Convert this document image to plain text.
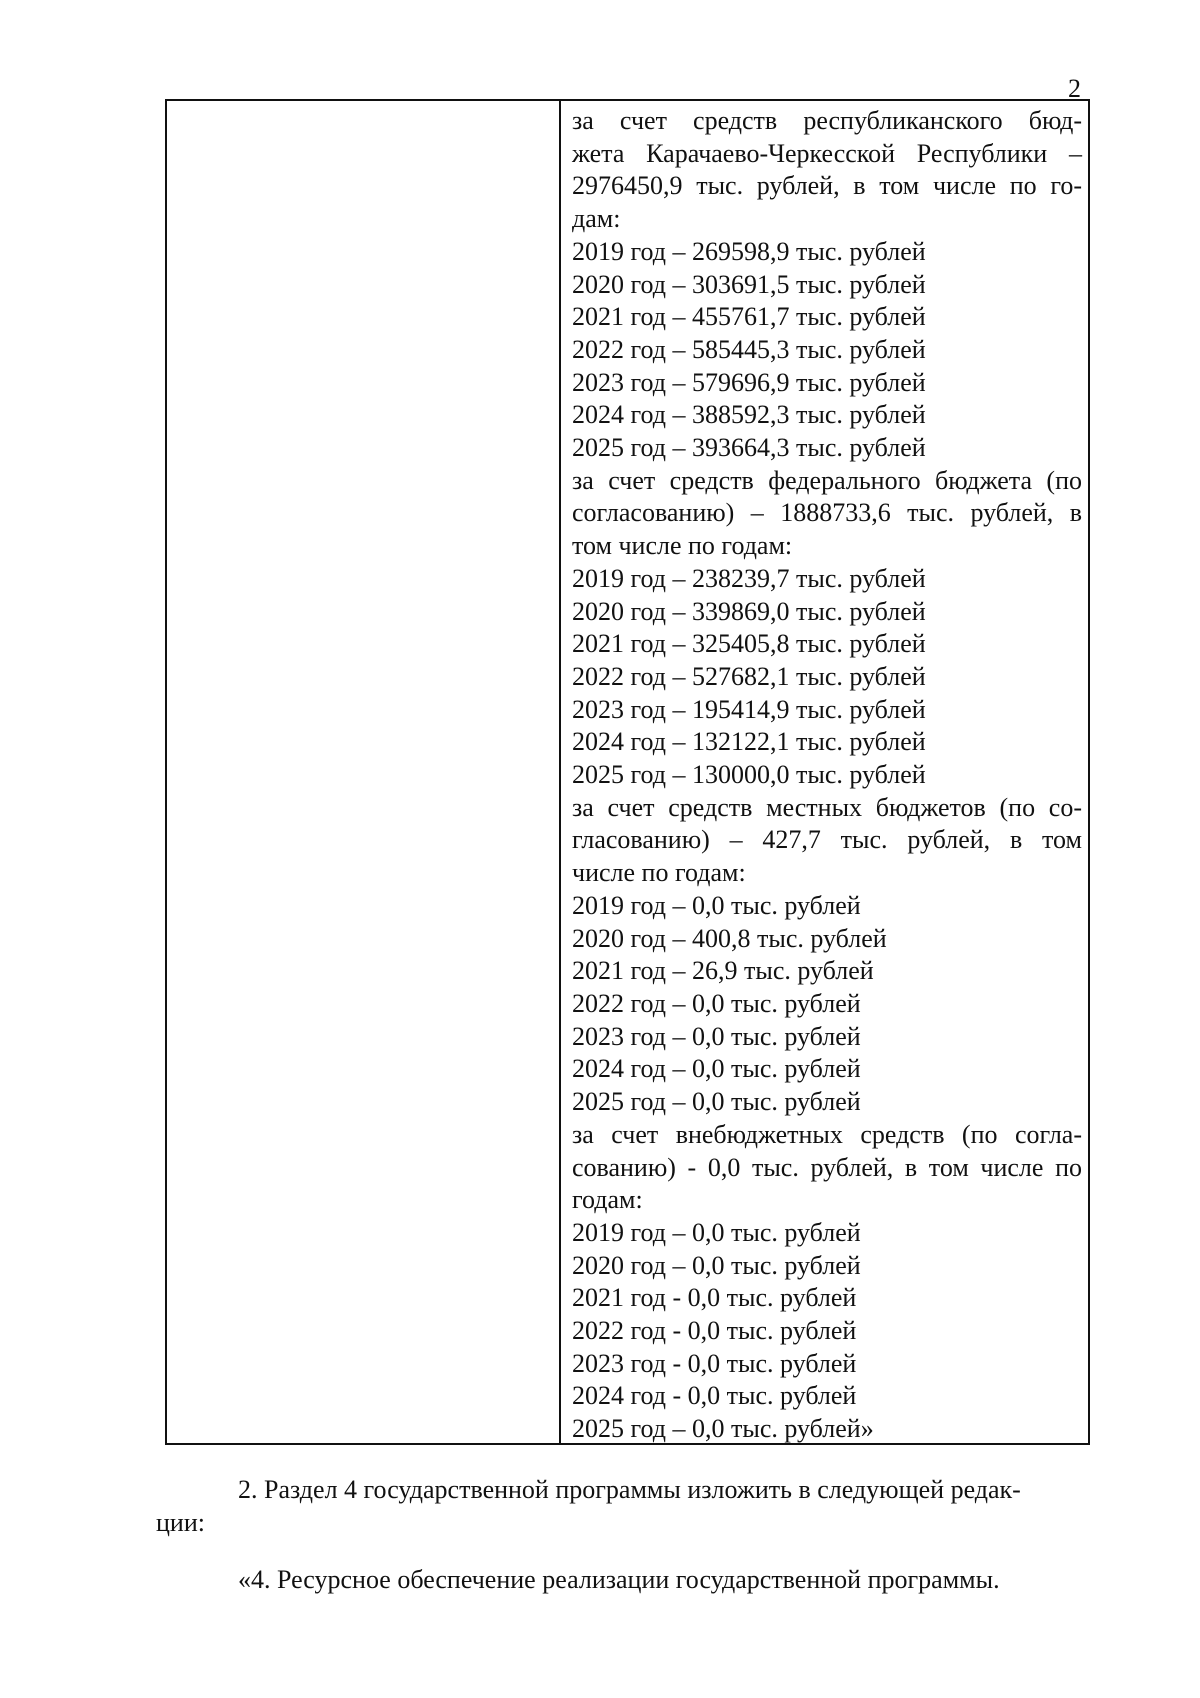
2
за счет средств республиканского бюд-
жета Карачаево-Черкесской Республики –
2976450,9 тыс. рублей, в том числе по го-
дам:
2019 год – 269598,9 тыс. рублей
2020 год – 303691,5 тыс. рублей
2021 год – 455761,7 тыс. рублей
2022 год – 585445,3 тыс. рублей
2023 год – 579696,9 тыс. рублей
2024 год – 388592,3 тыс. рублей
2025 год – 393664,3 тыс. рублей
за счет средств федерального бюджета (по
согласованию) – 1888733,6 тыс. рублей, в
том числе по годам:
2019 год – 238239,7 тыс. рублей
2020 год – 339869,0 тыс. рублей
2021 год – 325405,8 тыс. рублей
2022 год – 527682,1 тыс. рублей
2023 год – 195414,9 тыс. рублей
2024 год – 132122,1 тыс. рублей
2025 год – 130000,0 тыс. рублей
за счет средств местных бюджетов (по со-
гласованию) – 427,7 тыс. рублей, в том
числе по годам:
2019 год – 0,0 тыс. рублей
2020 год – 400,8 тыс. рублей
2021 год – 26,9 тыс. рублей
2022 год – 0,0 тыс. рублей
2023 год – 0,0 тыс. рублей
2024 год – 0,0 тыс. рублей
2025 год – 0,0 тыс. рублей
за счет внебюджетных средств (по согла-
сованию) - 0,0 тыс. рублей, в том числе по
годам:
2019 год – 0,0 тыс. рублей
2020 год – 0,0 тыс. рублей
2021 год - 0,0 тыс. рублей
2022 год - 0,0 тыс. рублей
2023 год - 0,0 тыс. рублей
2024 год - 0,0 тыс. рублей
2025 год – 0,0 тыс. рублей»
2. Раздел 4 государственной программы изложить в следующей редак-
ции:
«4. Ресурсное обеспечение реализации государственной программы.
